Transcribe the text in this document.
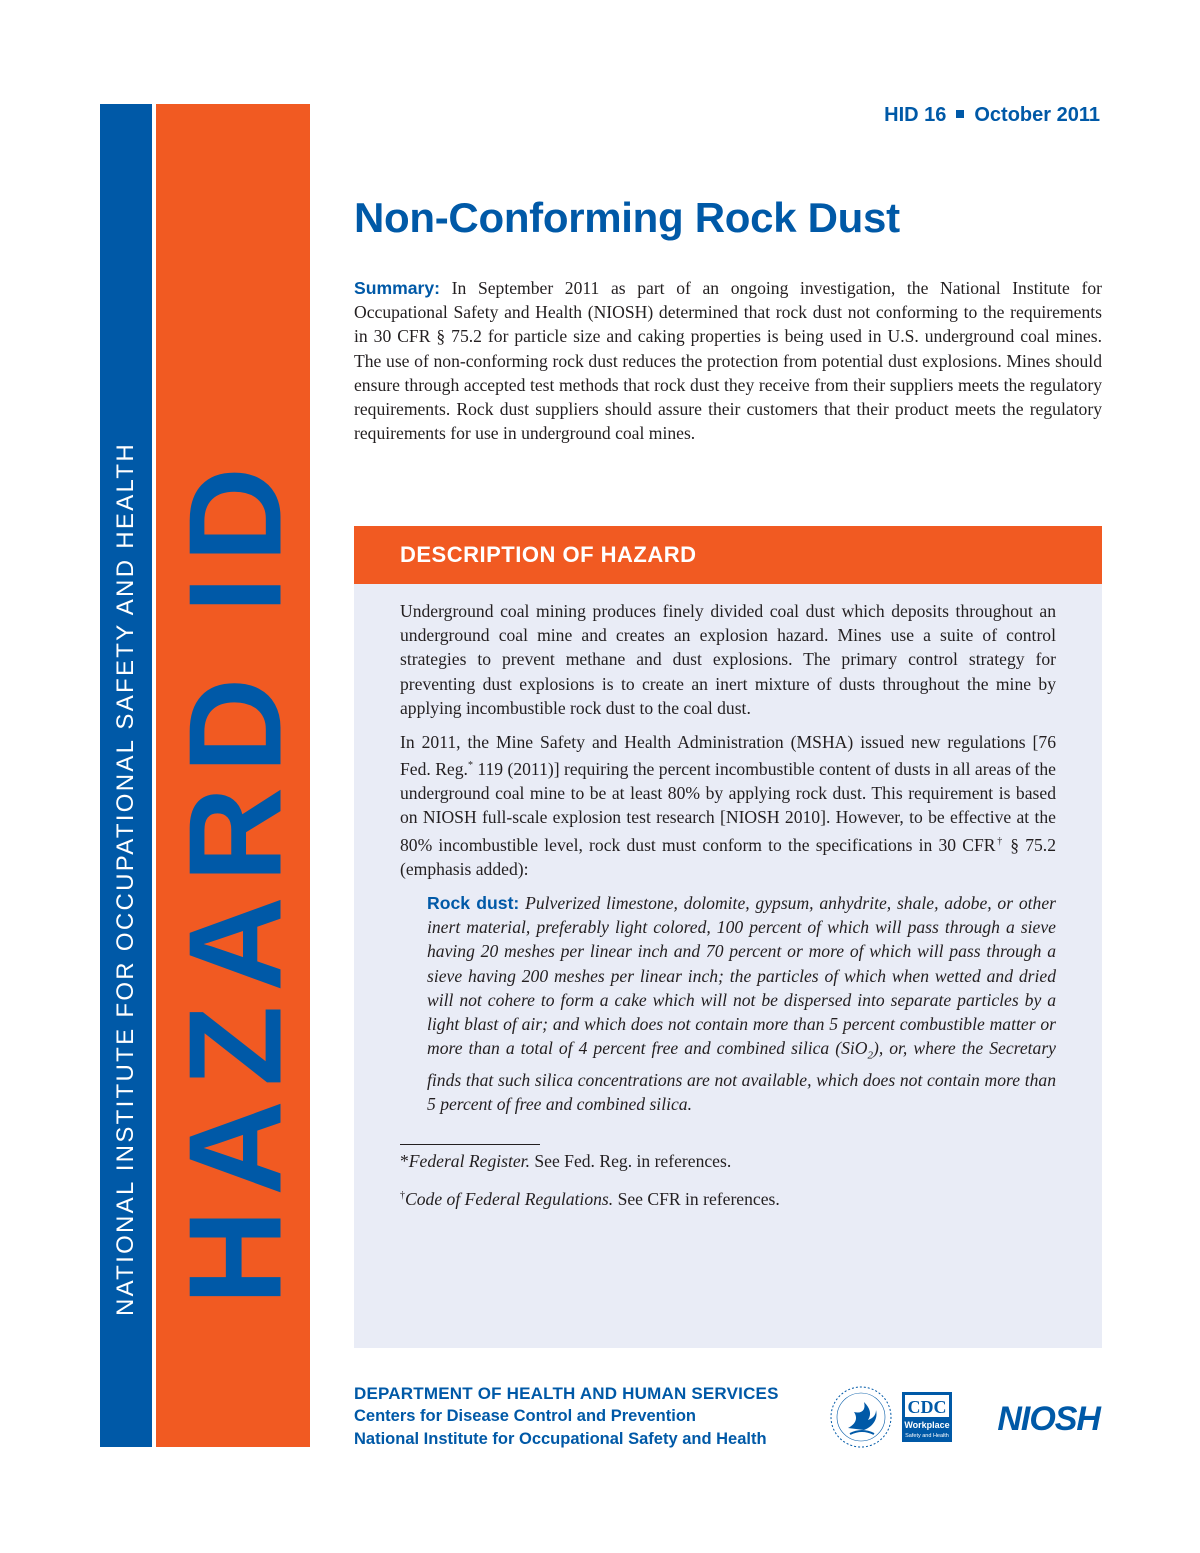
NATIONAL INSTITUTE FOR OCCUPATIONAL SAFETY AND HEALTH HAZARD ID
HID 16 October 2011
Non-Conforming Rock Dust

Summary: In September 2011 as part of an ongoing investigation, the National Institute for Occupational Safety and Health (NIOSH) determined that rock dust not conforming to the requirements in 30 CFR § 75.2 for particle size and caking properties is being used in U.S. underground coal mines. The use of non-conforming rock dust reduces the protection from potential dust explosions. Mines should ensure through accepted test methods that rock dust they receive from their suppliers meets the regulatory requirements. Rock dust suppliers should assure their customers that their product meets the regulatory requirements for use in underground coal mines.

DESCRIPTION OF HAZARD

Underground coal mining produces finely divided coal dust which deposits throughout an underground coal mine and creates an explosion hazard. Mines use a suite of control strategies to prevent methane and dust explosions. The primary control strategy for preventing dust explosions is to create an inert mixture of dusts throughout the mine by applying incombustible rock dust to the coal dust.

In 2011, the Mine Safety and Health Administration (MSHA) issued new regulations [76 Fed. Reg.* 119 (2011)] requiring the percent incombustible content of dusts in all areas of the underground coal mine to be at least 80% by applying rock dust. This requirement is based on NIOSH full-scale explosion test research [NIOSH 2010]. However, to be effective at the 80% incombustible level, rock dust must conform to the specifications in 30 CFR† § 75.2 (emphasis added):

Rock dust: Pulverized limestone, dolomite, gypsum, anhydrite, shale, adobe, or other inert material, preferably light colored, 100 percent of which will pass through a sieve having 20 meshes per linear inch and 70 percent or more of which will pass through a sieve having 200 meshes per linear inch; the particles of which when wetted and dried will not cohere to form a cake which will not be dispersed into separate particles by a light blast of air; and which does not contain more than 5 percent combustible matter or more than a total of 4 percent free and combined silica (SiO$_2$), or, where the Secretary finds that such silica concentrations are not available, which does not contain more than 5 percent of free and combined silica.

*Federal Register. See Fed. Reg. in references.

†Code of Federal Regulations. See CFR in references.

DEPARTMENT OF HEALTH AND HUMAN SERVICES
Centers for Disease Control and Prevention
National Institute for Occupational Safety and Health
CDC
Workplace
Safety and Health NIOSH
